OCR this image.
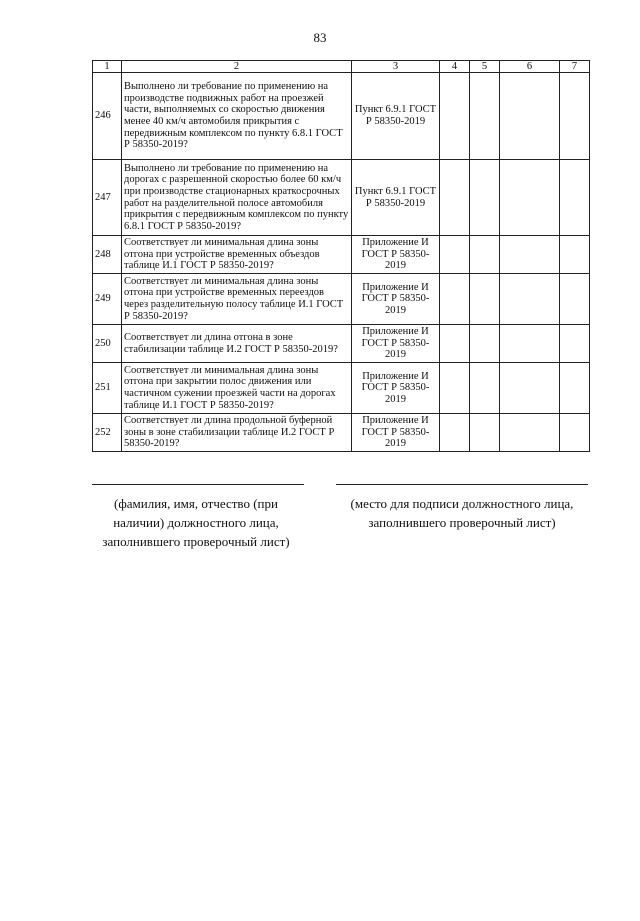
83
1	2	3	4	5	6	7
246	Выполнено ли требование по применению на производстве подвижных работ на проезжей части, выполняемых со скоростью движения менее 40 км/ч автомобиля прикрытия с передвижным комплексом по пункту 6.8.1 ГОСТ Р 58350-2019?	Пункт 6.9.1 ГОСТ Р 58350-2019				
247	Выполнено ли требование по применению на дорогах с разрешенной скоростью более 60 км/ч при производстве стационарных краткосрочных работ на разделительной полосе автомобиля прикрытия с передвижным комплексом по пункту 6.8.1 ГОСТ Р 58350-2019?	Пункт 6.9.1 ГОСТ Р 58350-2019				
248	Соответствует ли минимальная длина зоны отгона при устройстве временных объездов таблице И.1 ГОСТ Р 58350-2019?	Приложение И ГОСТ Р 58350-2019				
249	Соответствует ли минимальная длина зоны отгона при устройстве временных переездов через разделительную полосу таблице И.1 ГОСТ Р 58350-2019?	Приложение И ГОСТ Р 58350-2019				
250	Соответствует ли длина отгона в зоне стабилизации таблице И.2 ГОСТ Р 58350-2019?	Приложение И ГОСТ Р 58350-2019				
251	Соответствует ли минимальная длина зоны отгона при закрытии полос движения или частичном сужении проезжей части на дорогах таблице И.1 ГОСТ Р 58350-2019?	Приложение И ГОСТ Р 58350-2019				
252	Соответствует ли длина продольной буферной зоны в зоне стабилизации таблице И.2 ГОСТ Р 58350-2019?	Приложение И ГОСТ Р 58350-2019				
(фамилия, имя, отчество (при наличии) должностного лица, заполнившего проверочный лист)
(место для подписи должностного лица, заполнившего проверочный лист)
